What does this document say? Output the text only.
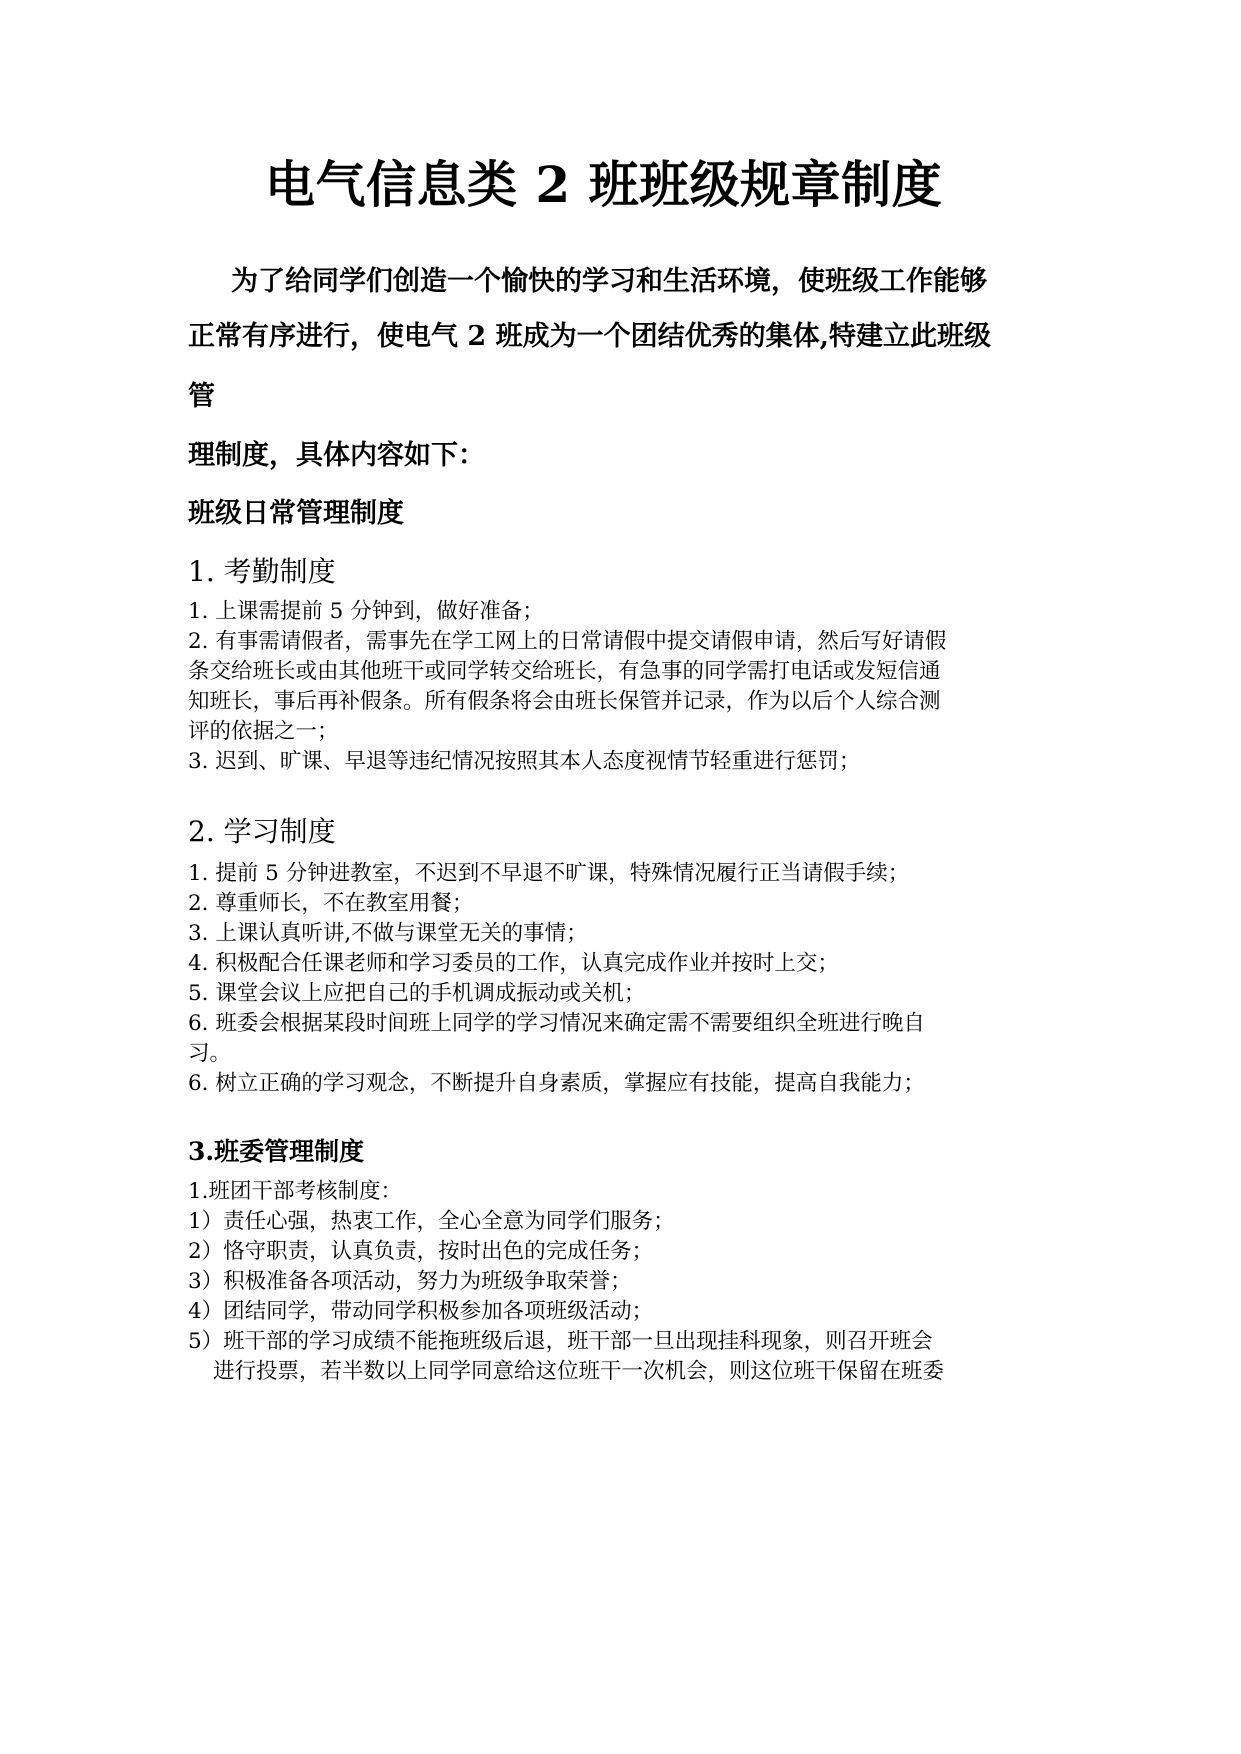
电气信息类 2 班班级规章制度
为了给同学们创造一个愉快的学习和生活环境，使班级工作能够
正常有序进行，使电气 2 班成为一个团结优秀的集体,特建立此班级
管
理制度，具体内容如下：
班级日常管理制度
1. 考勤制度
1. 上课需提前 5 分钟到，做好准备；
2. 有事需请假者，需事先在学工网上的日常请假中提交请假申请，然后写好请假
条交给班长或由其他班干或同学转交给班长，有急事的同学需打电话或发短信通
知班长，事后再补假条。所有假条将会由班长保管并记录，作为以后个人综合测
评的依据之一；
3. 迟到、旷课、早退等违纪情况按照其本人态度视情节轻重进行惩罚；
2. 学习制度
1. 提前 5 分钟进教室，不迟到不早退不旷课，特殊情况履行正当请假手续；
2. 尊重师长，不在教室用餐；
3. 上课认真听讲,不做与课堂无关的事情；
4. 积极配合任课老师和学习委员的工作，认真完成作业并按时上交；
5. 课堂会议上应把自己的手机调成振动或关机；
6. 班委会根据某段时间班上同学的学习情况来确定需不需要组织全班进行晚自
习。
6. 树立正确的学习观念，不断提升自身素质，掌握应有技能，提高自我能力；
3.班委管理制度
1.班团干部考核制度：
1）责任心强，热衷工作，全心全意为同学们服务；
2）恪守职责，认真负责，按时出色的完成任务；
3）积极准备各项活动，努力为班级争取荣誉；
4）团结同学，带动同学积极参加各项班级活动；
5）班干部的学习成绩不能拖班级后退，班干部一旦出现挂科现象，则召开班会
进行投票，若半数以上同学同意给这位班干一次机会，则这位班干保留在班委
